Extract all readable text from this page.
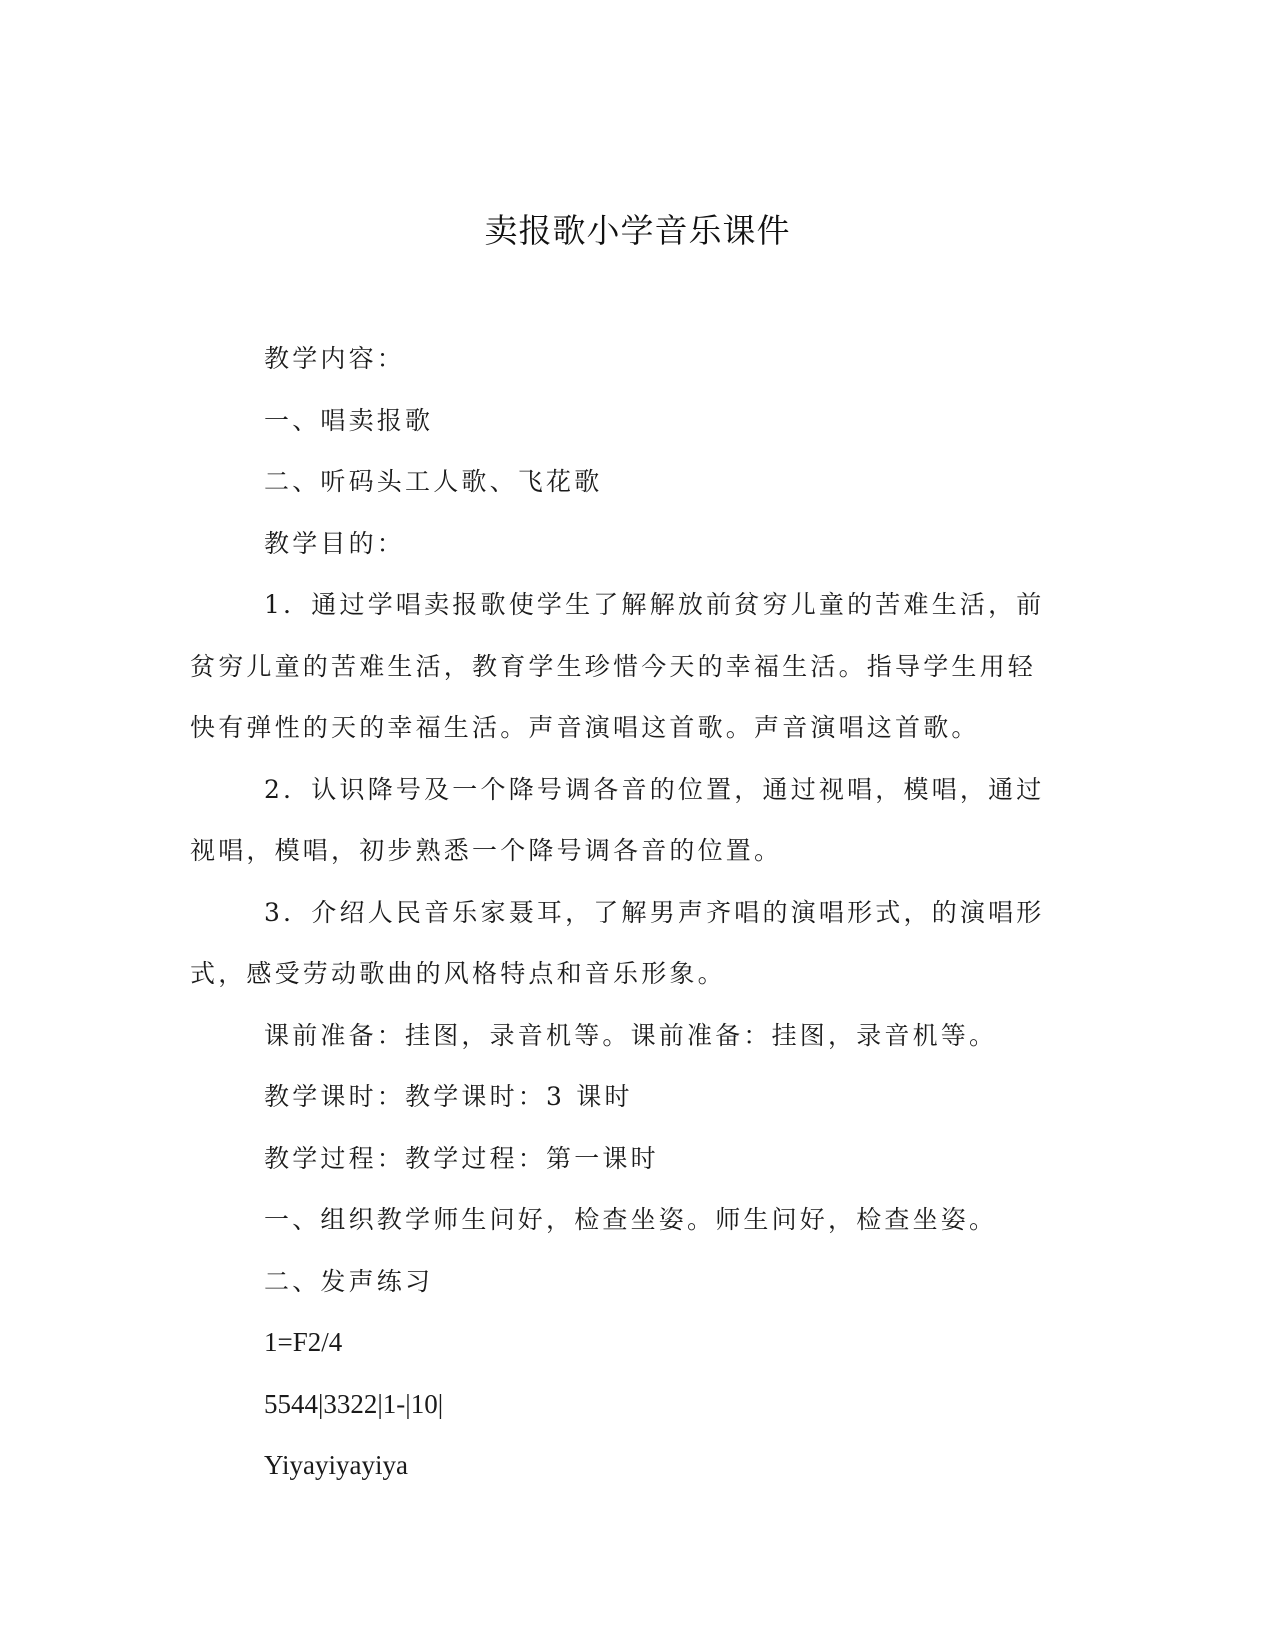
卖报歌小学音乐课件

教学内容：

一、唱卖报歌

二、听码头工人歌、飞花歌

教学目的：

1．通过学唱卖报歌使学生了解解放前贫穷儿童的苦难生活，前贫穷儿童的苦难生活，教育学生珍惜今天的幸福生活。指导学生用轻快有弹性的天的幸福生活。声音演唱这首歌。声音演唱这首歌。

2．认识降号及一个降号调各音的位置，通过视唱，模唱，通过视唱，模唱，初步熟悉一个降号调各音的位置。

3．介绍人民音乐家聂耳，了解男声齐唱的演唱形式，的演唱形式，感受劳动歌曲的风格特点和音乐形象。

课前准备：挂图，录音机等。课前准备：挂图，录音机等。

教学课时：教学课时：3 课时

教学过程：教学过程：第一课时

一、组织教学师生问好，检查坐姿。师生问好，检查坐姿。

二、发声练习

1=F2/4

5544|3322|1-|10|

Yiyayiyayiya
